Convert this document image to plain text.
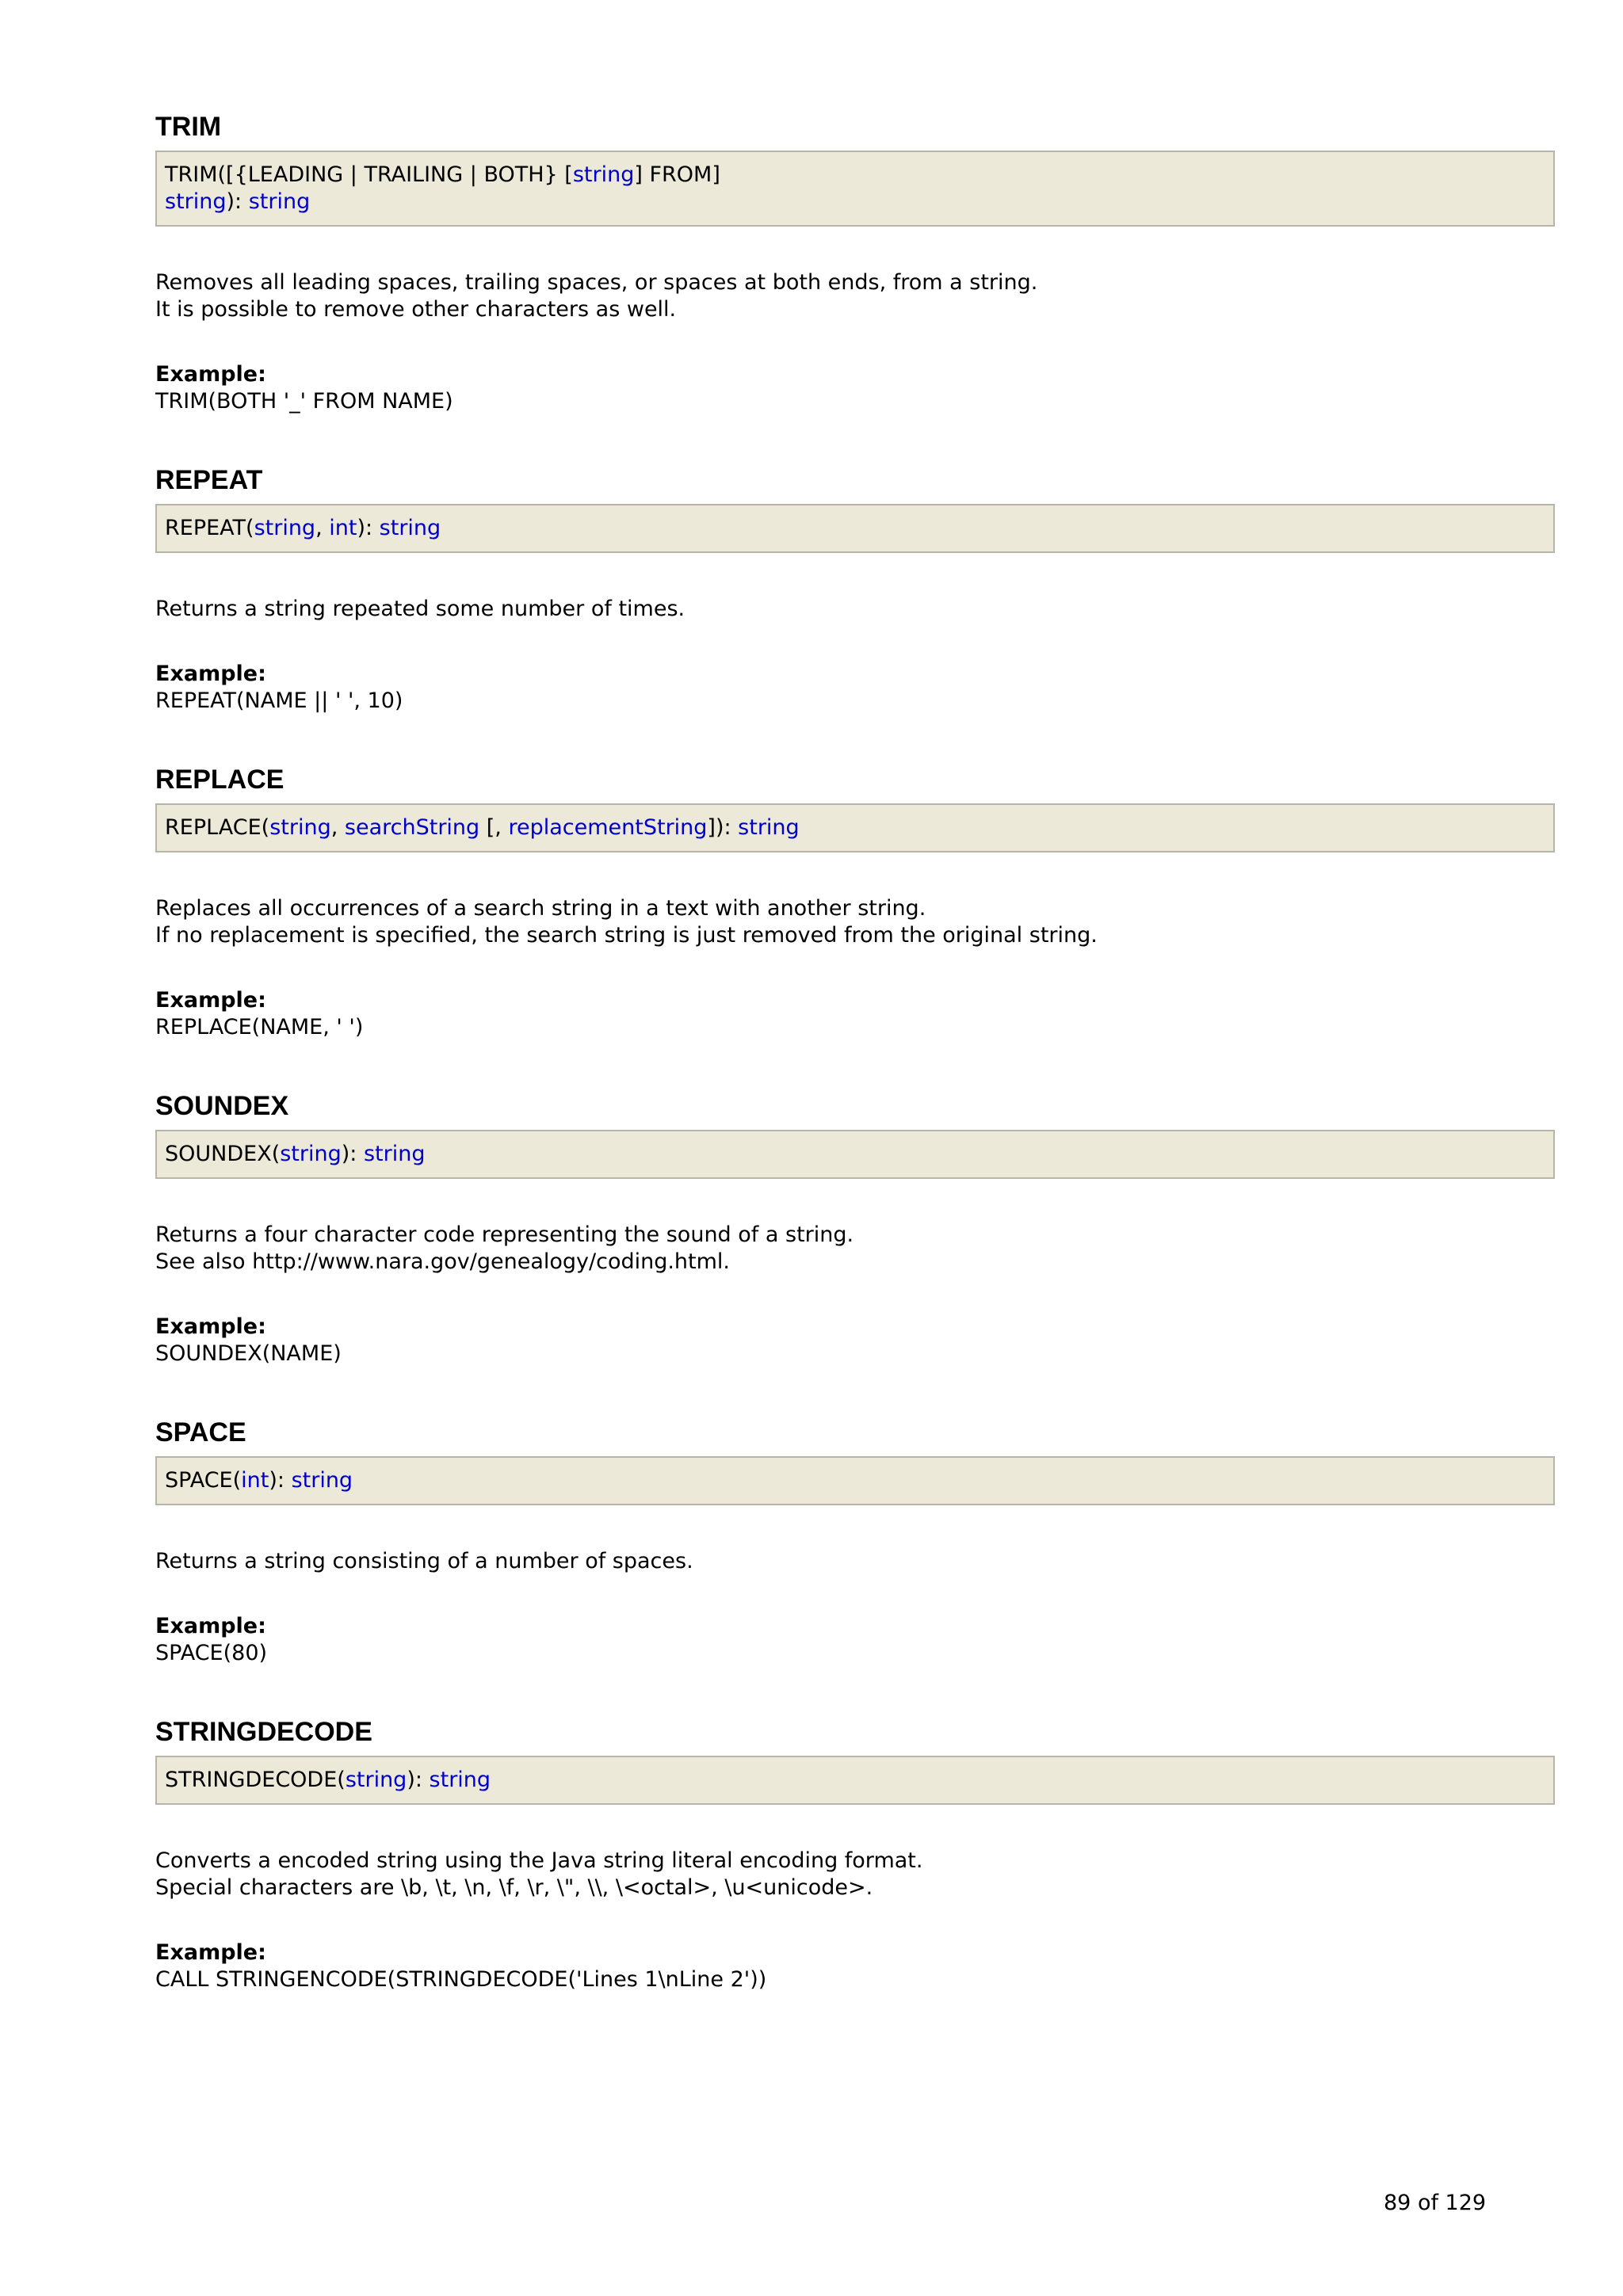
TRIM
TRIM([{LEADING | TRAILING | BOTH} [string] FROM]
string): string
Removes all leading spaces, trailing spaces, or spaces at both ends, from a string.
It is possible to remove other characters as well.
Example:
TRIM(BOTH '_' FROM NAME)
REPEAT
REPEAT(string, int): string
Returns a string repeated some number of times.
Example:
REPEAT(NAME || ' ', 10)
REPLACE
REPLACE(string, searchString [, replacementString]): string
Replaces all occurrences of a search string in a text with another string.
If no replacement is specified, the search string is just removed from the original string.
Example:
REPLACE(NAME, ' ')
SOUNDEX
SOUNDEX(string): string
Returns a four character code representing the sound of a string.
See also http://www.nara.gov/genealogy/coding.html.
Example:
SOUNDEX(NAME)
SPACE
SPACE(int): string
Returns a string consisting of a number of spaces.
Example:
SPACE(80)
STRINGDECODE
STRINGDECODE(string): string
Converts a encoded string using the Java string literal encoding format.
Special characters are \b, \t, \n, \f, \r, \", \\, \<octal>, \u<unicode>.
Example:
CALL STRINGENCODE(STRINGDECODE('Lines 1\nLine 2'))
89 of 129
